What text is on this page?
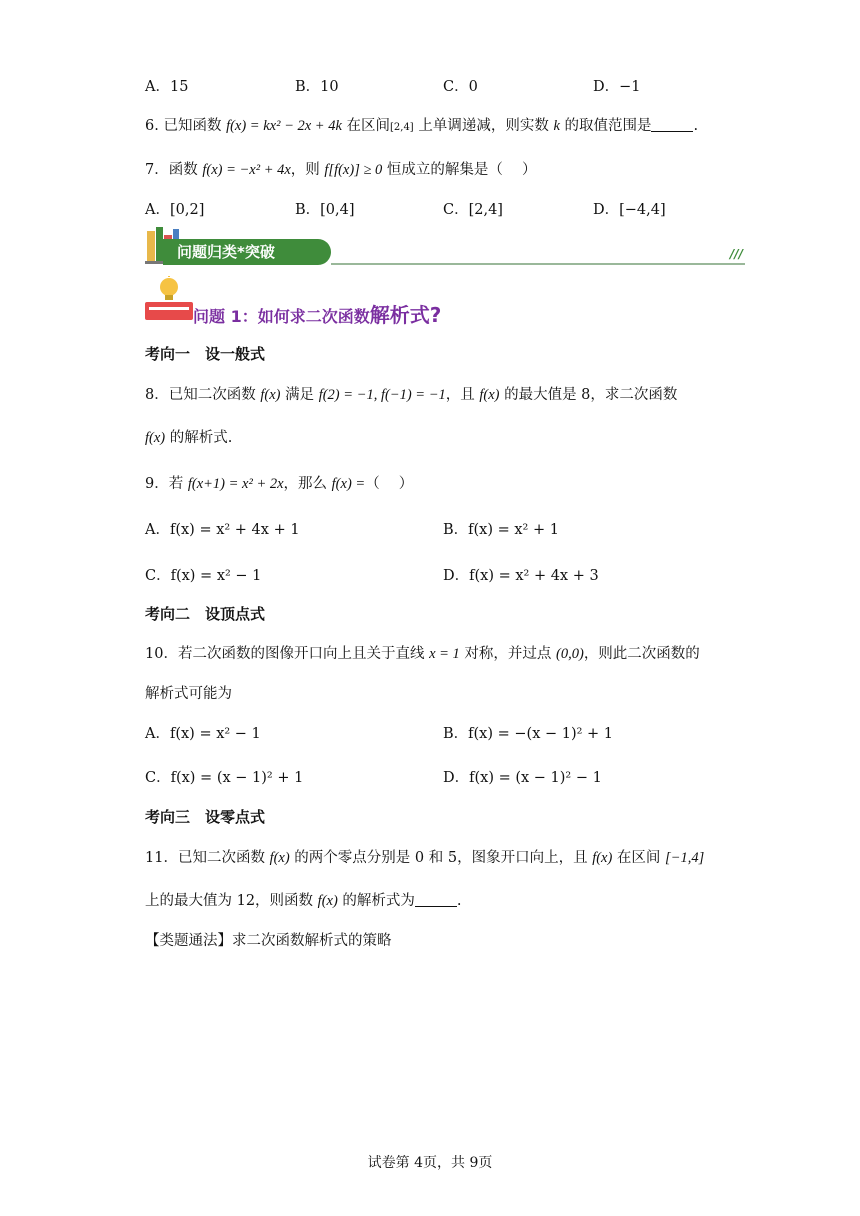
A．15	B．10	C．0	D．−1
6. 已知函数 f(x) = kx² − 2x + 4k 在区间[2,4] 上单调递减，则实数 k 的取值范围是	.
7．函数 f(x) = −x² + 4x，则 f[f(x)] ≥ 0 恒成立的解集是（　 ）
A．[0,2]	B．[0,4]	C．[2,4]	D．[−4,4]
问题归类*突破	///
问题 1：如何求二次函数解析式?
考向一　设一般式
8．已知二次函数 f(x) 满足 f(2) = −1, f(−1) = −1，且 f(x) 的最大值是 8，求二次函数
f(x) 的解析式.
9．若 f(x+1) = x² + 2x，那么 f(x) =（　 ）
A．f(x) = x² + 4x + 1	B．f(x) = x² + 1
C．f(x) = x² − 1	D．f(x) = x² + 4x + 3
考向二　设顶点式
10．若二次函数的图像开口向上且关于直线 x = 1 对称，并过点 (0,0)，则此二次函数的
解析式可能为
A．f(x) = x² − 1	B．f(x) = −(x − 1)² + 1
C．f(x) = (x − 1)² + 1	D．f(x) = (x − 1)² − 1
考向三　设零点式
11．已知二次函数 f(x) 的两个零点分别是 0 和 5，图象开口向上，且 f(x) 在区间 [−1,4]
上的最大值为 12，则函数 f(x) 的解析式为	.
【类题通法】求二次函数解析式的策略
试卷第 4页，共 9页
